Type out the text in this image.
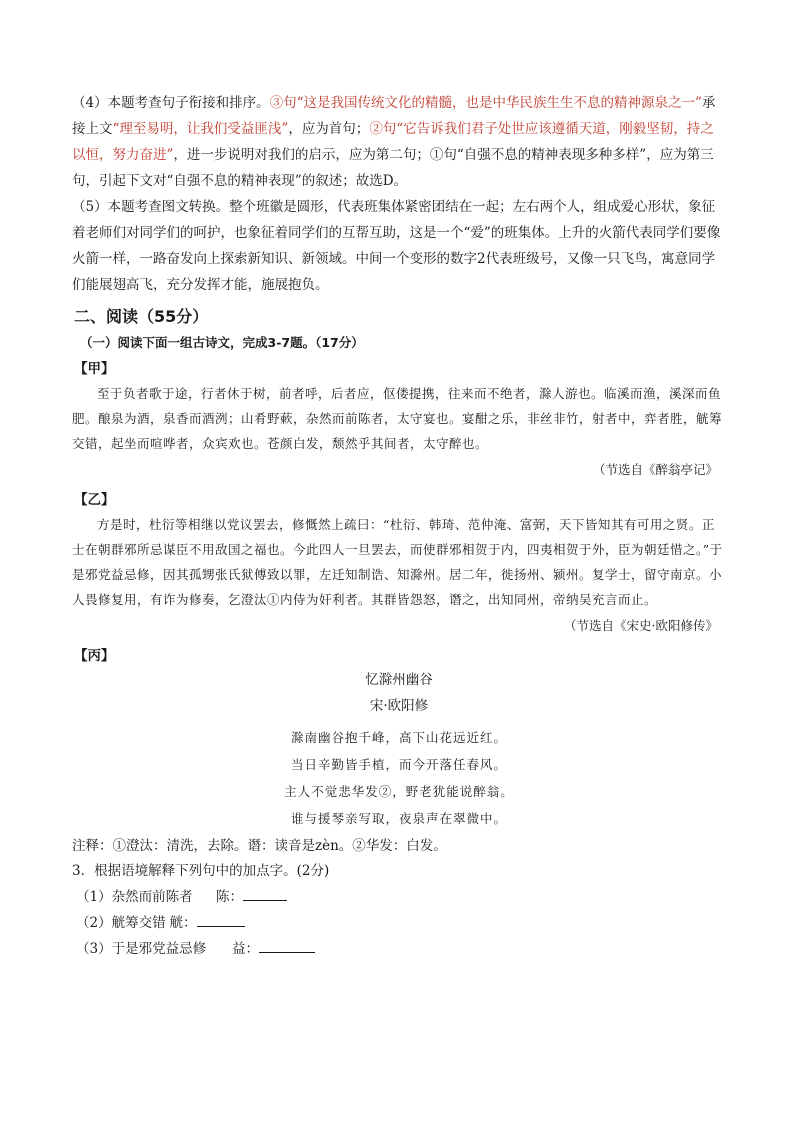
（4）本题考查句子衔接和排序。③句“这是我国传统文化的精髓，也是中华民族生生不息的精神源泉之一”承接上文“理至易明，让我们受益匪浅”，应为首句；②句“它告诉我们君子处世应该遵循天道，刚毅坚韧，持之以恒，努力奋进”，进一步说明对我们的启示，应为第二句；①句“自强不息的精神表现多种多样”，应为第三句，引起下文对“自强不息的精神表现”的叙述；故选D。

（5）本题考查图文转换。整个班徽是圆形，代表班集体紧密团结在一起；左右两个人，组成爱心形状，象征着老师们对同学们的呵护，也象征着同学们的互帮互助，这是一个“爱”的班集体。上升的火箭代表同学们要像火箭一样，一路奋发向上探索新知识、新领域。中间一个变形的数字2代表班级号，又像一只飞鸟，寓意同学们能展翅高飞，充分发挥才能，施展抱负。

二、阅读（55分）
（一）阅读下面一组古诗文，完成3-7题。（17分）
【甲】

至于负者歌于途，行者休于树，前者呼，后者应，伛偻提携，往来而不绝者，滁人游也。临溪而渔，溪深而鱼肥。酿泉为酒，泉香而酒洌；山肴野蔌，杂然而前陈者，太守宴也。宴酣之乐，非丝非竹，射者中，弈者胜，觥筹交错，起坐而喧哗者，众宾欢也。苍颜白发，颓然乎其间者，太守醉也。

（节选自《醉翁亭记》
【乙】

方是时，杜衍等相继以党议罢去，修慨然上疏曰：“杜衍、韩琦、范仲淹、富弼，天下皆知其有可用之贤。正士在朝群邪所忌谋臣不用敌国之福也。今此四人一旦罢去，而使群邪相贺于内，四夷相贺于外，臣为朝廷惜之。”于是邪党益忌修，因其孤甥张氏狱傅致以罪，左迁知制诰、知滁州。居二年，徙扬州、颍州。复学士，留守南京。小人畏修复用，有诈为修奏，乞澄汰①内侍为奸利者。其群皆怨怒，谮之，出知同州，帝纳吴充言而止。

（节选自《宋史·欧阳修传》
【丙】
忆滁州幽谷
宋·欧阳修

滁南幽谷抱千峰，高下山花远近红。

当日辛勤皆手植，而今开落任春风。

主人不觉悲华发②，野老犹能说醉翁。

谁与援琴亲写取，夜泉声在翠微中。

注释：①澄汰：清洗，去除。谮：读音是zèn。②华发：白发。

3．根据语境解释下列句中的加点字。(2分)

（1）杂然而前陈者 陈：

（2）觥筹交错 觥：

（3）于是邪党益忌修 益：
